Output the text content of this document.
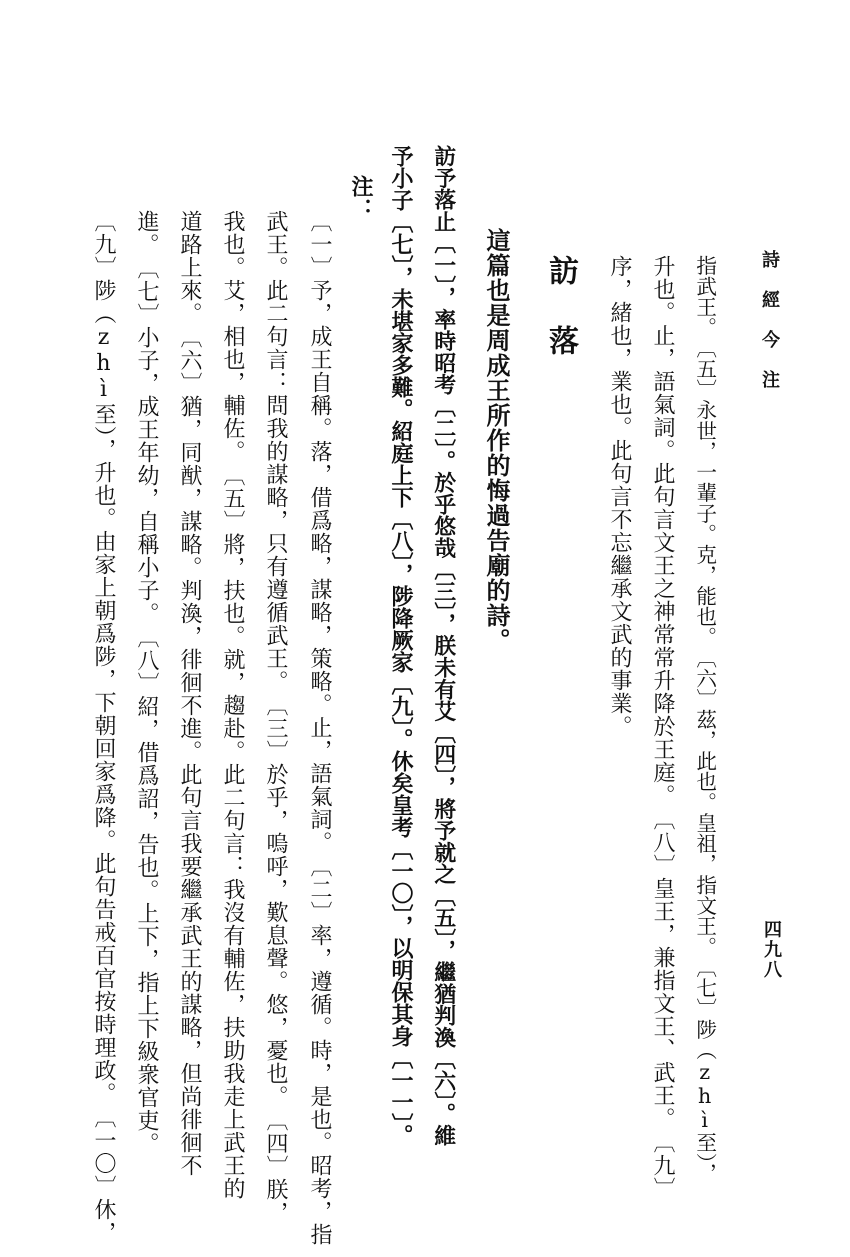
詩經今注
四九八
指武王。　〔五〕永世，一輩子。克，能也。　〔六〕茲，此也。皇祖，指文王。　〔七〕陟（zhì至），
升也。止，語氣詞。此句言文王之神常常升降於王庭。　〔八〕皇王，兼指文王、武王。　〔九〕
序，緒也，業也。此句言不忘繼承文武的事業。
訪落
這篇也是周成王所作的悔過告廟的詩。
訪予落止〔一〕，率時昭考〔二〕。於乎悠哉〔三〕，朕未有艾〔四〕，將予就之〔五〕，繼猶判渙〔六〕。維
予小子〔七〕，未堪家多難。紹庭上下〔八〕，陟降厥家〔九〕。休矣皇考〔一〇〕，以明保其身〔一一〕。
注：
〔一〕予，成王自稱。落，借爲略，謀略，策略。止，語氣詞。　〔二〕率，遵循。時，是也。昭考，指
武王。此二句言：問我的謀略，只有遵循武王。　〔三〕於乎，嗚呼，歎息聲。悠，憂也。　〔四〕朕，
我也。艾，相也，輔佐。　〔五〕將，扶也。就，趨赴。此二句言：我沒有輔佐，扶助我走上武王的
道路上來。　〔六〕猶，同猷，謀略。判渙，徘徊不進。此句言我要繼承武王的謀略，但尚徘徊不
進。　〔七〕小子，成王年幼，自稱小子。　〔八〕紹，借爲詔，告也。上下，指上下級衆官吏。
〔九〕陟（zhì至），升也。由家上朝爲陟，下朝回家爲降。此句告戒百官按時理政。　〔一〇〕休，
